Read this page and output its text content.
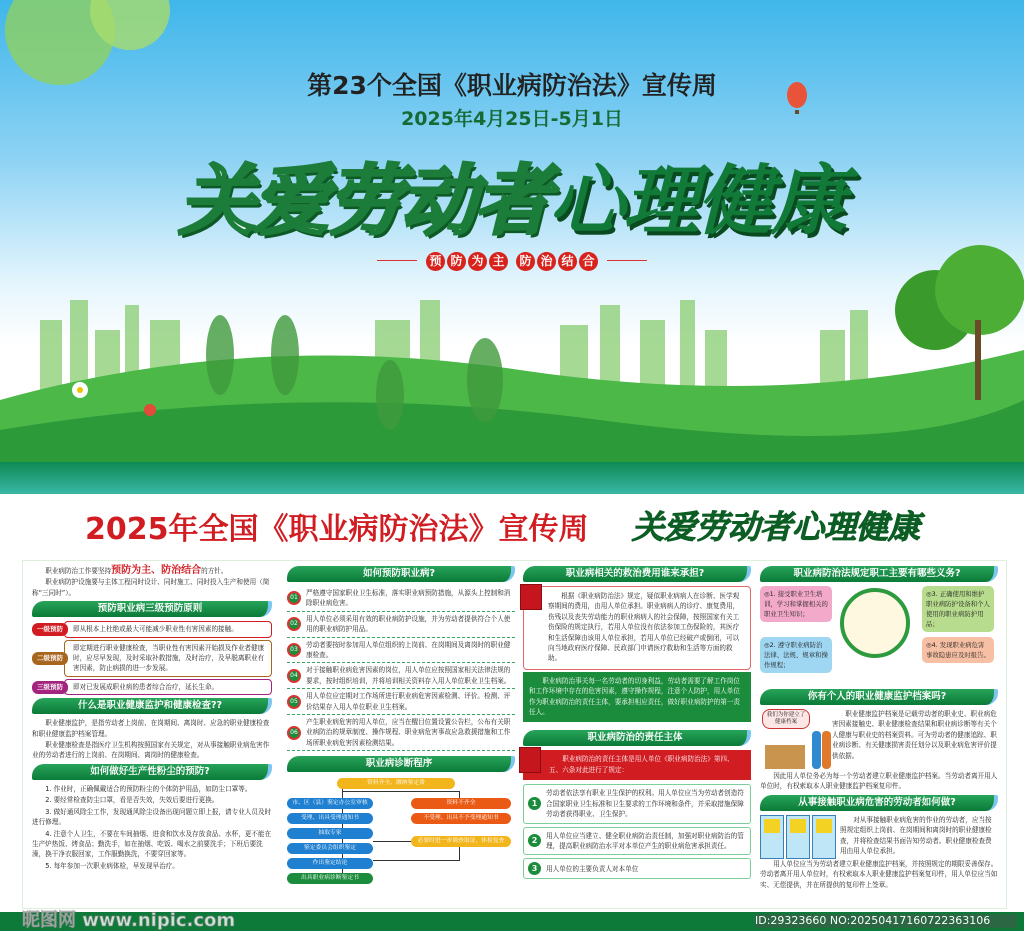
第23个全国《职业病防治法》宣传周
2025年4月25日-5月1日
关爱劳动者心理健康
预 防 为 主 防 治 结 合
2025年全国《职业病防治法》宣传周 关爱劳动者心理健康

职业病防治工作要坚持预防为主、防治结合的方针。

职业病防护设施要与主体工程同时设计、同时施工、同时投入生产和使用（简称“三同时”）。

预防职业病三级预防原则
一级预防	即从根本上杜绝或最大可能减少职业性有害因素的接触。
二级预防
即定期进行职业健康检查，当职业性有害因素开始损及作业者健康时，应尽早发现，及时采取补救措施，及时治疗，及早脱离职业有害因素，防止病损的进一步发展。
三级预防	即对已发展成职业病的患者综合治疗，延长生命。
什么是职业健康监护和健康检查??

职业健康监护，是指劳动者上岗前、在岗期间、离岗时、应急的职业健康检查和职业健康监护档案管理。

职业健康检查是指医疗卫生机构按照国家有关规定，对从事接触职业病危害作业的劳动者进行的上岗前、在岗期间、离岗时的健康检查。

如何做好生产性粉尘的预防?

1. 作业时，正确佩戴适合的预防粉尘的个体防护用品，如防尘口罩等。

2. 要经常检查防尘口罩，看是否失效，失效后要进行更换。

3. 做好通风除尘工作，发现通风除尘设备出现问题立即上报，请专业人员及时进行修理。

4. 注意个人卫生，不要在车间抽烟、进食和饮水及存放食品、水杯，更不能在生产炉热饭、烤食品；勤洗手，如在抽烟、吃饭、喝水之前要洗手；下班后要洗澡，换干净衣服回家，工作服勤换洗，不要穿回家等。

5. 每年参加一次职业病体检，早发现早治疗。

如何预防职业病?
01
严格遵守国家职业卫生标准，落实职业病预防措施，从源头上控制和消除职业病危害。
02
用人单位必须采用有效的职业病防护设施，并为劳动者提供符合个人使用的职业病防护用品。
03
劳动者要按时参加用人单位组织的上岗前、在岗期间及离岗时的职业健康检查。
04
对于接触职业病危害因素的岗位，用人单位应按照国家相关法律法规的要求，按时组织培训，并将培训相关资料存入用人单位职业卫生档案。
05
用人单位应定期对工作场所进行职业病危害因素检测、评价。检测、评价结果存入用人单位职业卫生档案。
06
产生职业病危害的用人单位，应当在醒目位置设置公告栏，公布有关职业病防治的规章制度、操作规程、职业病危害事故应急救援措施和工作场所职业病危害因素检测结果。
职业病诊断程序
资料齐全、缴纳鉴定费
市、区（县）鉴定办公室审核
受理、出具受理通知书
抽取专家
鉴定委员会组织鉴定
作出鉴定结论
出具职业病诊断鉴定书
资料不齐全
不受理、出具不予受理通知书
必要时进一步调查取证，体检复查
职业病相关的救治费用谁来承担?

根据《职业病防治法》规定，疑似职业病病人在诊断、医学观察期间的费用，由用人单位承担。职业病病人的诊疗、康复费用，伤残以及丧失劳动能力的职业病病人的社会保障，按照国家有关工伤保险的规定执行，若用人单位没有依法参加工伤保险的，其医疗和生活保障由该用人单位承担，若用人单位已经破产或倒闭，可以向当地政府医疗保障、民政部门申请医疗救助和生活等方面的救助。

职业病防治事关每一名劳动者的切身利益，劳动者需要了解工作岗位和工作环境中存在的危害因素，遵守操作规程，注意个人防护，用人单位作为职业病防治的责任主体，要承担相应责任，做好职业病防护的第一责任人。

职业病防治的责任主体

职业病防治的责任主体是用人单位《职业病防治法》第四、五、六条对此进行了规定：

1
劳动者依法享有职业卫生保护的权利。用人单位应当为劳动者创造符合国家职业卫生标准和卫生要求的工作环境和条件，并采取措施保障劳动者获得职业、卫生保护。
2
用人单位应当建立、健全职业病防治责任制，加强对职业病防治的管理，提高职业病防治水平对本单位产生的职业病危害承担责任。
3	用人单位的主要负责人对本单位
职业病防治法规定职工主要有哪些义务?
◎1. 接受职业卫生培训，学习和掌握相关的职业卫生知识；
◎2. 遵守职业病防治法律、法规、规章和操作规程；
◎3. 正确使用和维护职业病防护设备和个人使用的职业病防护用品；
◎4. 发现职业病危害事故隐患应及时报告。
你有个人的职业健康监护档案吗?
我们为你建立了健康档案

职业健康监护档案是记载劳动者的职业史、职业病危害因素接触史、职业健康检查结果和职业病诊断等有关个人健康与职业史的档案资料。可为劳动者的健康追踪、职业病诊断、有关健康损害责任划分以及职业病危害评价提供依据。

因此用人单位务必为每一个劳动者建立职业健康监护档案。当劳动者离开用人单位时，有权索取本人职业健康监护档案复印件。

从事接触职业病危害的劳动者如何做?

对从事接触职业病危害的作业的劳动者，应当按照规定组织上岗前、在岗期间和离岗时的职业健康检查，并将检查结果书面告知劳动者。职业健康检查费用由用人单位承担。

用人单位应当为劳动者建立职业健康监护档案，并按照规定的期限妥善保存。劳动者离开用人单位时，有权索取本人职业健康监护档案复印件，用人单位应当如实、无偿提供，并在所提供的复印件上签章。

昵图网 www.nipic.com	ID:29323660 NO:20250417160722363106
